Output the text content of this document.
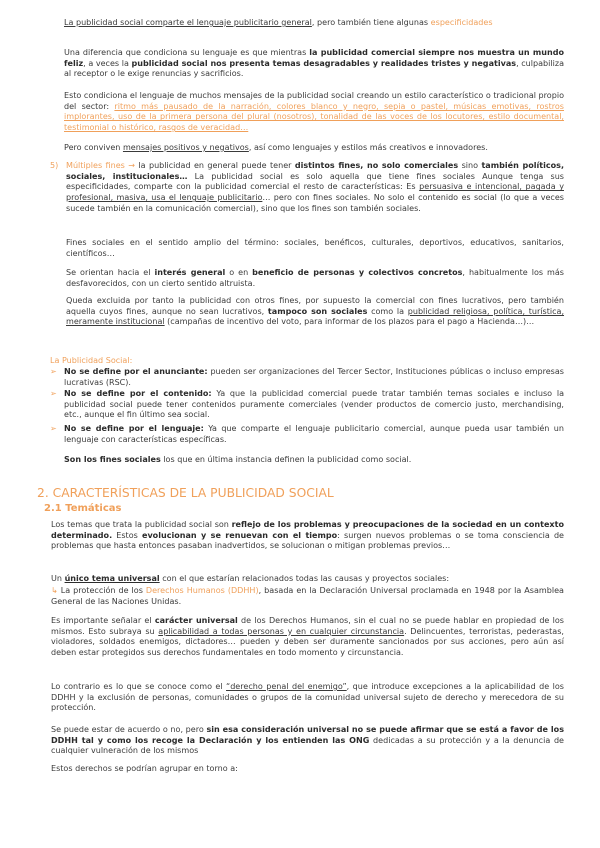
La publicidad social comparte el lenguaje publicitario general, pero también tiene algunas especificidades

Una diferencia que condiciona su lenguaje es que mientras la publicidad comercial siempre nos muestra un mundo feliz, a veces la publicidad social nos presenta temas desagradables y realidades tristes y negativas, culpabiliza al receptor o le exige renuncias y sacrificios.

Esto condiciona el lenguaje de muchos mensajes de la publicidad social creando un estilo característico o tradicional propio del sector: ritmo más pausado de la narración, colores blanco y negro, sepia o pastel, músicas emotivas, rostros implorantes, uso de la primera persona del plural (nosotros), tonalidad de las voces de los locutores, estilo documental, testimonial o histórico, rasgos de veracidad…

Pero conviven mensajes positivos y negativos, así como lenguajes y estilos más creativos e innovadores.

5) Múltiples fines → la publicidad en general puede tener distintos fines, no solo comerciales sino también políticos, sociales, institucionales… La publicidad social es solo aquella que tiene fines sociales Aunque tenga sus especificidades, comparte con la publicidad comercial el resto de características: Es persuasiva e intencional, pagada y profesional, masiva, usa el lenguaje publicitario… pero con fines sociales. No solo el contenido es social (lo que a veces sucede también en la comunicación comercial), sino que los fines son también sociales.

Fines sociales en el sentido amplio del término: sociales, benéficos, culturales, deportivos, educativos, sanitarios, científicos…

Se orientan hacia el interés general o en beneficio de personas y colectivos concretos, habitualmente los más desfavorecidos, con un cierto sentido altruista.

Queda excluida por tanto la publicidad con otros fines, por supuesto la comercial con fines lucrativos, pero también aquella cuyos fines, aunque no sean lucrativos, tampoco son sociales como la publicidad religiosa, política, turística, meramente institucional (campañas de incentivo del voto, para informar de los plazos para el pago a Hacienda…)…

La Publicidad Social:

➢ No se define por el anunciante: pueden ser organizaciones del Tercer Sector, Instituciones públicas o incluso empresas lucrativas (RSC).

➢ No se define por el contenido: Ya que la publicidad comercial puede tratar también temas sociales e incluso la publicidad social puede tener contenidos puramente comerciales (vender productos de comercio justo, merchandising, etc., aunque el fin último sea social.

➢ No se define por el lenguaje: Ya que comparte el lenguaje publicitario comercial, aunque pueda usar también un lenguaje con características específicas.

Son los fines sociales los que en última instancia definen la publicidad como social.

2. CARACTERÍSTICAS DE LA PUBLICIDAD SOCIAL
2.1 Temáticas

Los temas que trata la publicidad social son reflejo de los problemas y preocupaciones de la sociedad en un contexto determinado. Estos evolucionan y se renuevan con el tiempo: surgen nuevos problemas o se toma consciencia de problemas que hasta entonces pasaban inadvertidos, se solucionan o mitigan problemas previos…

Un único tema universal con el que estarían relacionados todas las causas y proyectos sociales:

↳ La protección de los Derechos Humanos (DDHH), basada en la Declaración Universal proclamada en 1948 por la Asamblea General de las Naciones Unidas.

Es importante señalar el carácter universal de los Derechos Humanos, sin el cual no se puede hablar en propiedad de los mismos. Esto subraya su aplicabilidad a todas personas y en cualquier circunstancia. Delincuentes, terroristas, pederastas, violadores, soldados enemigos, dictadores… pueden y deben ser duramente sancionados por sus acciones, pero aún así deben estar protegidos sus derechos fundamentales en todo momento y circunstancia.

Lo contrario es lo que se conoce como el “derecho penal del enemigo”, que introduce excepciones a la aplicabilidad de los DDHH y la exclusión de personas, comunidades o grupos de la comunidad universal sujeto de derecho y merecedora de su protección.

Se puede estar de acuerdo o no, pero sin esa consideración universal no se puede afirmar que se está a favor de los DDHH tal y como los recoge la Declaración y los entienden las ONG dedicadas a su protección y a la denuncia de cualquier vulneración de los mismos

Estos derechos se podrían agrupar en torno a:
